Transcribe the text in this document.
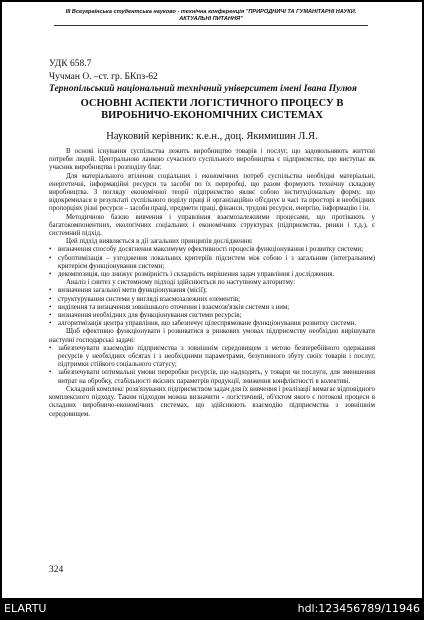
III Всеукраїнська студентська науково - технічна конференція "ПРИРОДНИЧІ ТА ГУМАНІТАРНІ НАУКИ. АКТУАЛЬНІ ПИТАННЯ"
УДК 658.7
Чучман О. –ст. гр. БКпз-62
Тернопільський національний технічний університет імені Івана Пулюя
ОСНОВНІ АСПЕКТИ ЛОГІСТИЧНОГО ПРОЦЕСУ В ВИРОБНИЧО-ЕКОНОМІЧНИХ СИСТЕМАХ
Науковий керівник: к.е.н., доц. Якимишин Л.Я.

В основі існування суспільства лежить виробництво товарів і послуг, що задовольняють життєві потреби людей. Центральною ланкою сучасного суспільного виробництва є підприємство, що виступає як учасник виробництва і розподілу благ.

Для матеріального втілення соціальних і економічних потреб суспільства необхідні матеріальні, енергетичні, інформаційні ресурси та засоби по їх переробці, що разом формують технічну складову виробництва. З погляду економічної теорії підприємство являє собою інституціональну форму, що відокремилася в результаті суспільного поділу праці й організаційно об'єднує в часі та просторі в необхідних пропорціях різні ресурси – засоби праці, предмети праці, фінанси, трудові ресурси, енергію, інформацію і ін.

Методичною базою вивчення і управління взаємозалежними процесами, що протікають у багатокомпонентних, екологічних соціальних і економічних структурах (підприємства, ринки і т.д.), є системний підхід.

Цей підхід виявляється в дії загальних принципів дослідження:

• визначення способу досягнення максимуму ефективності процесів функціонування і розвитку системи;
• субоптимізація – узгодження локальних критеріїв підсистем між собою і з загальним (інтегральним) критерієм функціонування системи;
• декомпозиція, що знижує розмірність і складність вирішення задач управління і дослідження.

Аналіз і синтез у системному підході здійснюється по наступному алгоритму:

• визначення загальної мети функціонування (місії);
• структурування системи у вигляді взаємозалежних елементів;
• виділення та визначення зовнішнього оточення і взаємозв'язків системи з ним;
• визначення необхідних для функціонування системи ресурсів;
• алгоритмізація центра управління, що забезпечує цілеспрямоване функціонування розвитку системи.

Щоб ефективно функціонувати і розвиватися в ринкових умовах підприємству необхідно вирішувати наступні господарські задачі:

• забезпечувати взаємодію підприємства з зовнішнім середовищем з метою безперебійного одержання ресурсів у необхідних обсягах і з необхідними параметрами, безупинного збуту своїх товарів і послуг, підтримки стійкого соціального статусу;
• забезпечувати оптимальні умови переробки ресурсів, що надходять, у товари чи послуги, для зменшення витрат на обробку, стабільності якісних параметрів продукції, зниження конфліктності в колективі.

Складний комплекс розв'язуваних підприємством задач для їх вивчення і реалізації вимагає відповідного комплексного підходу. Таким підходом можна визначити - логістичний, об'єктом якого є потокові процеси в складних виробничо-економічних системах, що здійснюють взаємодію підприємства з зовнішнім середовищем.

324
ELARTU	hdl:123456789/11946
